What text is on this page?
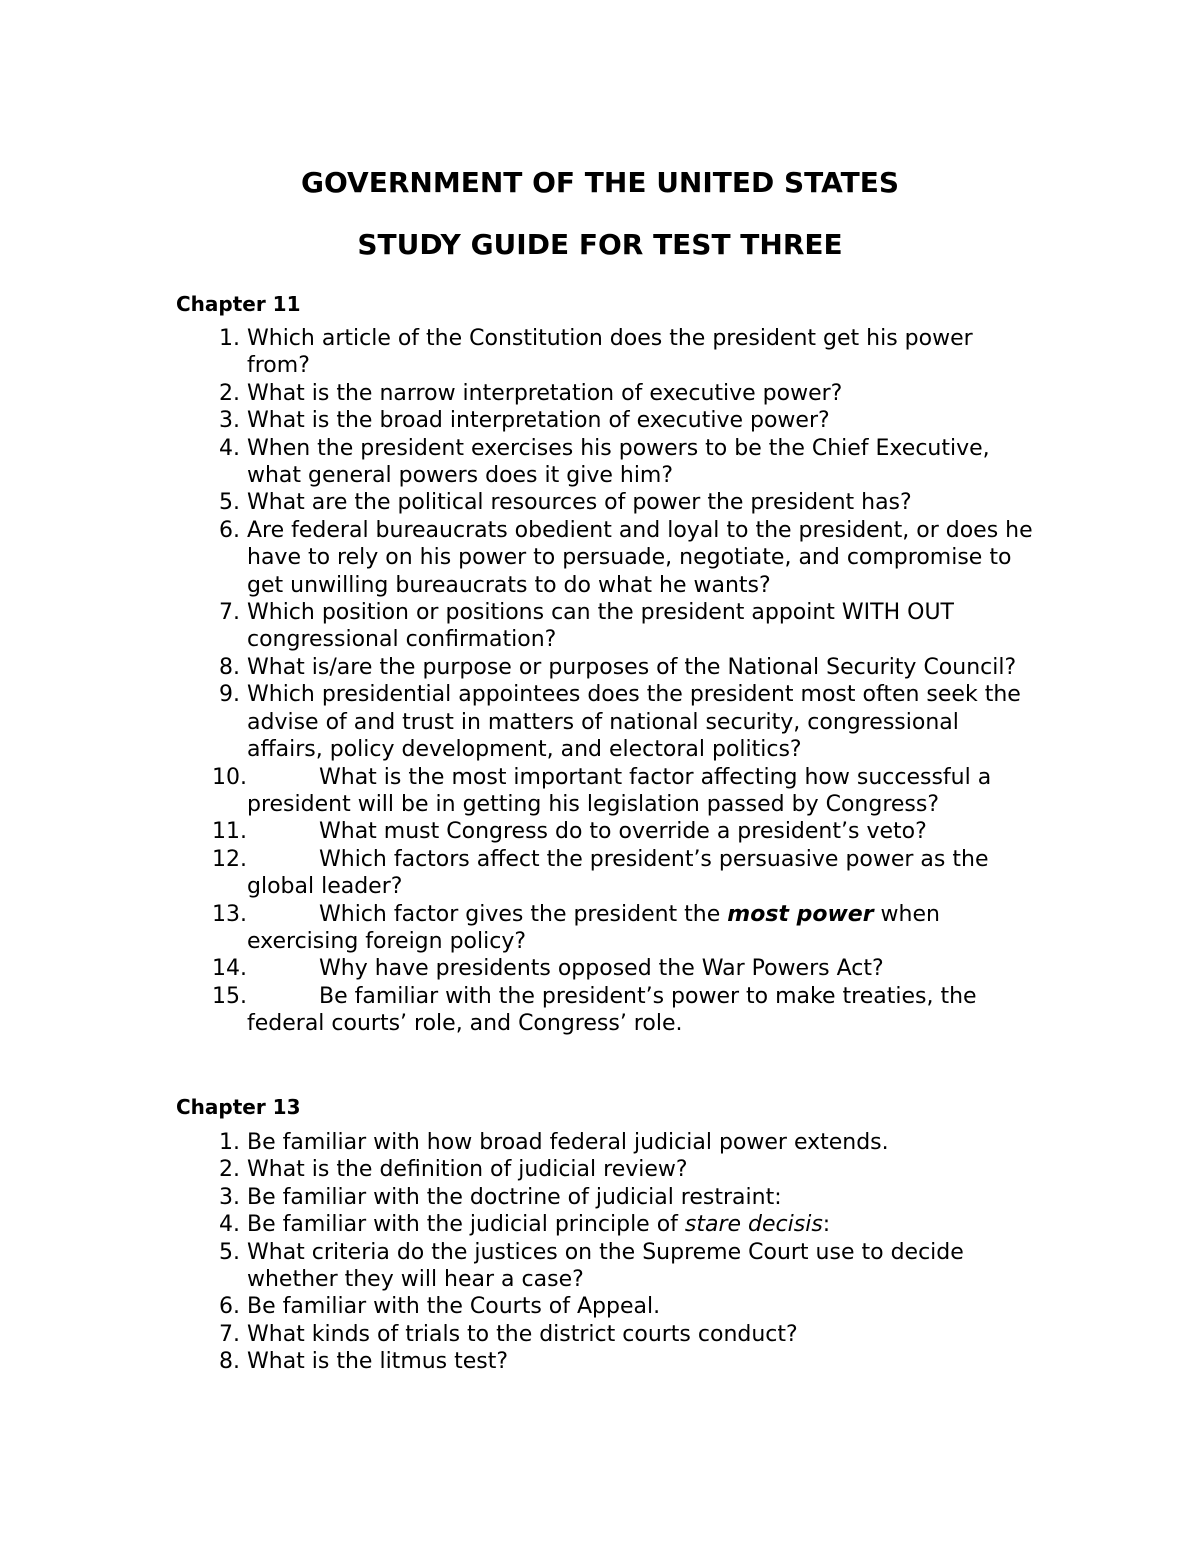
GOVERNMENT OF THE UNITED STATES
STUDY GUIDE FOR TEST THREE
Chapter 11
1. Which article of the Constitution does the president get his power from?
2. What is the narrow interpretation of executive power?
3. What is the broad interpretation of executive power?
4. When the president exercises his powers to be the Chief Executive, what general powers does it give him?
5. What are the political resources of power the president has?
6. Are federal bureaucrats obedient and loyal to the president, or does he have to rely on his power to persuade, negotiate, and compromise to get unwilling bureaucrats to do what he wants?
7. Which position or positions can the president appoint WITH OUT congressional confirmation?
8. What is/are the purpose or purposes of the National Security Council?
9. Which presidential appointees does the president most often seek the advise of and trust in matters of national security, congressional affairs, policy development, and electoral politics?
10.	What is the most important factor affecting how successful a president will be in getting his legislation passed by Congress?
11.	What must Congress do to override a president’s veto?
12.	Which factors affect the president’s persuasive power as the global leader?
13.	Which factor gives the president the most power when exercising foreign policy?
14.	Why have presidents opposed the War Powers Act?
15.	Be familiar with the president’s power to make treaties, the federal courts’ role, and Congress’ role.
Chapter 13
1. Be familiar with how broad federal judicial power extends.
2. What is the definition of judicial review?
3. Be familiar with the doctrine of judicial restraint:
4. Be familiar with the judicial principle of stare decisis:
5. What criteria do the justices on the Supreme Court use to decide whether they will hear a case?
6. Be familiar with the Courts of Appeal.
7. What kinds of trials to the district courts conduct?
8. What is the litmus test?
